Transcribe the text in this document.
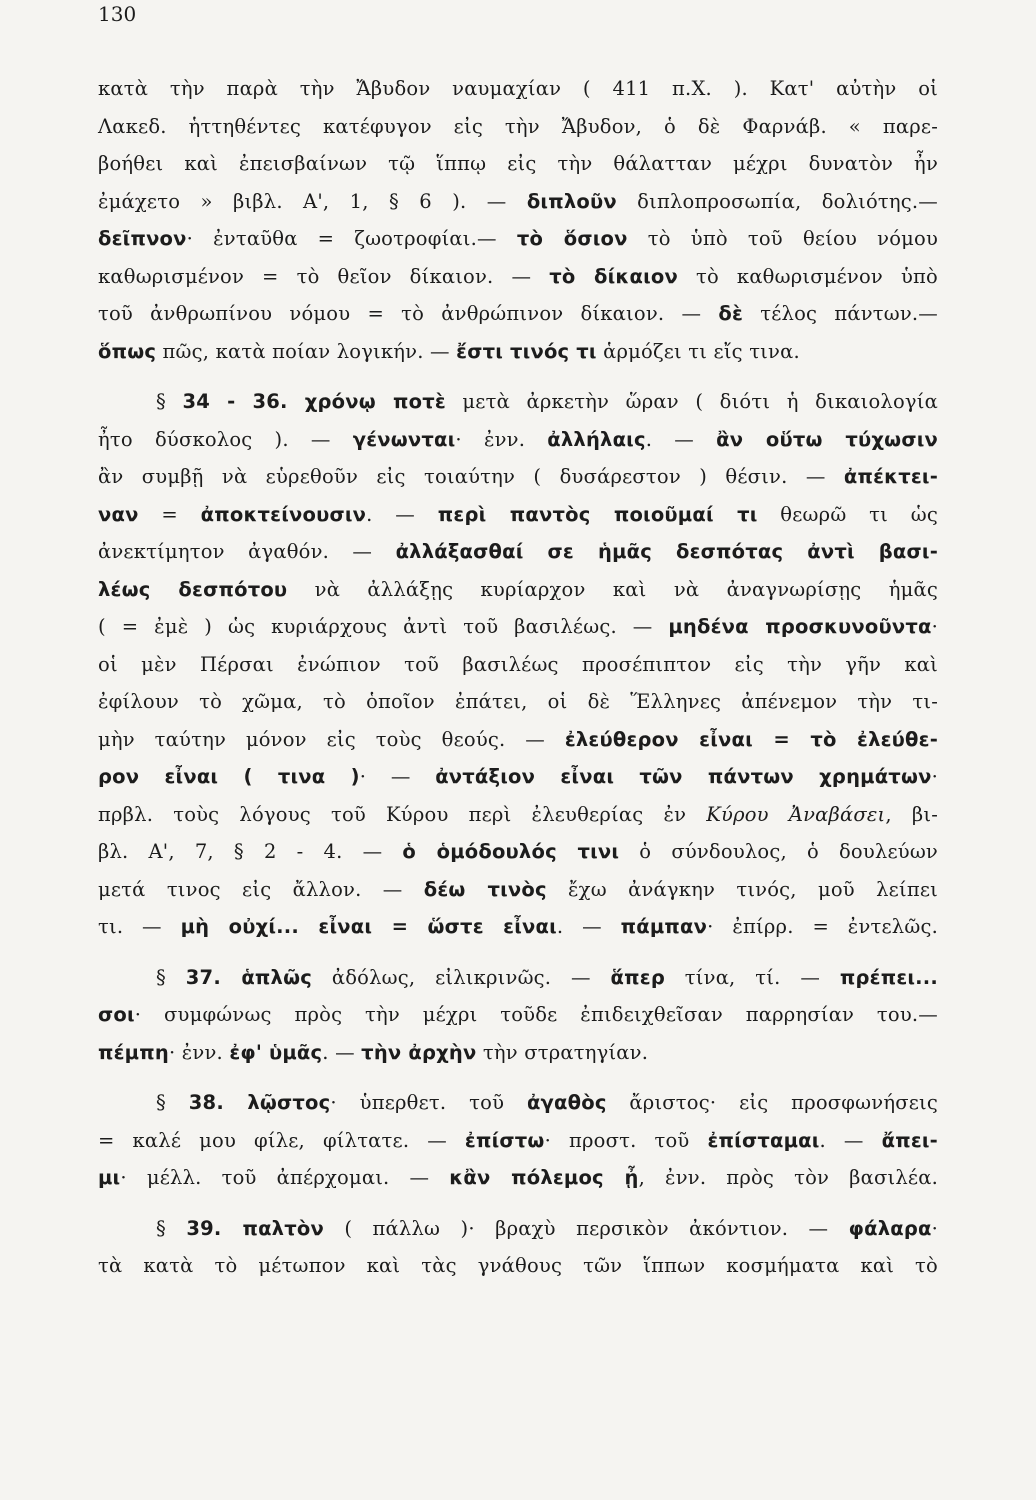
130
κατὰ τὴν παρὰ τὴν Ἄβυδον ναυμαχίαν ( 411 π.Χ. ). Κατ' αὐτὴν οἱ
Λακεδ. ἡττηθέντες κατέφυγον εἰς τὴν Ἄβυδον, ὁ δὲ Φαρνάβ. « παρε-
βοήθει καὶ ἐπεισβαίνων τῷ ἵππῳ εἰς τὴν θάλατταν μέχρι δυνατὸν ἦν
ἐμάχετο » βιβλ. Α', 1, § 6 ). — διπλοῦν διπλοπροσωπία, δολιότης.—
δεῖπνον· ἐνταῦθα = ζωοτροφίαι.— τὸ ὅσιον τὸ ὑπὸ τοῦ θείου νόμου
καθωρισμένον = τὸ θεῖον δίκαιον. — τὸ δίκαιον τὸ καθωρισμένον ὑπὸ
τοῦ ἀνθρωπίνου νόμου = τὸ ἀνθρώπινον δίκαιον. — δὲ τέλος πάντων.—
ὅπως πῶς, κατὰ ποίαν λογικήν. — ἔστι τινός τι ἁρμόζει τι εἴς τινα.
§ 34 - 36. χρόνῳ ποτὲ μετὰ ἀρκετὴν ὥραν ( διότι ἡ δικαιολογία
ἦτο δύσκολος ). — γένωνται· ἐνν. ἀλλήλαις. — ἂν οὕτω τύχωσιν
ἂν συμβῇ νὰ εὑρεθοῦν εἰς τοιαύτην ( δυσάρεστον ) θέσιν. — ἀπέκτει-
ναν = ἀποκτείνουσιν. — περὶ παντὸς ποιοῦμαί τι θεωρῶ τι ὡς
ἀνεκτίμητον ἀγαθόν. — ἀλλάξασθαί σε ἡμᾶς δεσπότας ἀντὶ βασι-
λέως δεσπότου νὰ ἀλλάξῃς κυρίαρχον καὶ νὰ ἀναγνωρίσῃς ἡμᾶς
( = ἐμὲ ) ὡς κυριάρχους ἀντὶ τοῦ βασιλέως. — μηδένα προσκυνοῦντα·
οἱ μὲν Πέρσαι ἐνώπιον τοῦ βασιλέως προσέπιπτον εἰς τὴν γῆν καὶ
ἐφίλουν τὸ χῶμα, τὸ ὁποῖον ἐπάτει, οἱ δὲ Ἕλληνες ἀπένεμον τὴν τι-
μὴν ταύτην μόνον εἰς τοὺς θεούς. — ἐλεύθερον εἶναι = τὸ ἐλεύθε-
ρον εἶναι ( τινα )· — ἀντάξιον εἶναι τῶν πάντων χρημάτων·
πρβλ. τοὺς λόγους τοῦ Κύρου περὶ ἐλευθερίας ἐν Κύρου Ἀναβάσει, βι-
βλ. Α', 7, § 2 - 4. — ὁ ὁμόδουλός τινι ὁ σύνδουλος, ὁ δουλεύων
μετά τινος εἰς ἄλλον. — δέω τινὸς ἔχω ἀνάγκην τινός, μοῦ λείπει
τι. — μὴ οὐχί... εἶναι = ὥστε εἶναι. — πάμπαν· ἐπίρρ. = ἐντελῶς.
§ 37. ἁπλῶς ἀδόλως, εἰλικρινῶς. — ἅπερ τίνα, τί. — πρέπει...
σοι· συμφώνως πρὸς τὴν μέχρι τοῦδε ἐπιδειχθεῖσαν παρρησίαν του.—
πέμπη· ἐνν. ἐφ' ὑμᾶς. — τὴν ἀρχὴν τὴν στρατηγίαν.
§ 38. λῷστος· ὑπερθετ. τοῦ ἀγαθὸς ἄριστος· εἰς προσφωνήσεις
= καλέ μου φίλε, φίλτατε. — ἐπίστω· προστ. τοῦ ἐπίσταμαι. — ἄπει-
μι· μέλλ. τοῦ ἀπέρχομαι. — κἂν πόλεμος ᾖ, ἐνν. πρὸς τὸν βασιλέα.
§ 39. παλτὸν ( πάλλω )· βραχὺ περσικὸν ἀκόντιον. — φάλαρα·
τὰ κατὰ τὸ μέτωπον καὶ τὰς γνάθους τῶν ἵππων κοσμήματα καὶ τὸ
